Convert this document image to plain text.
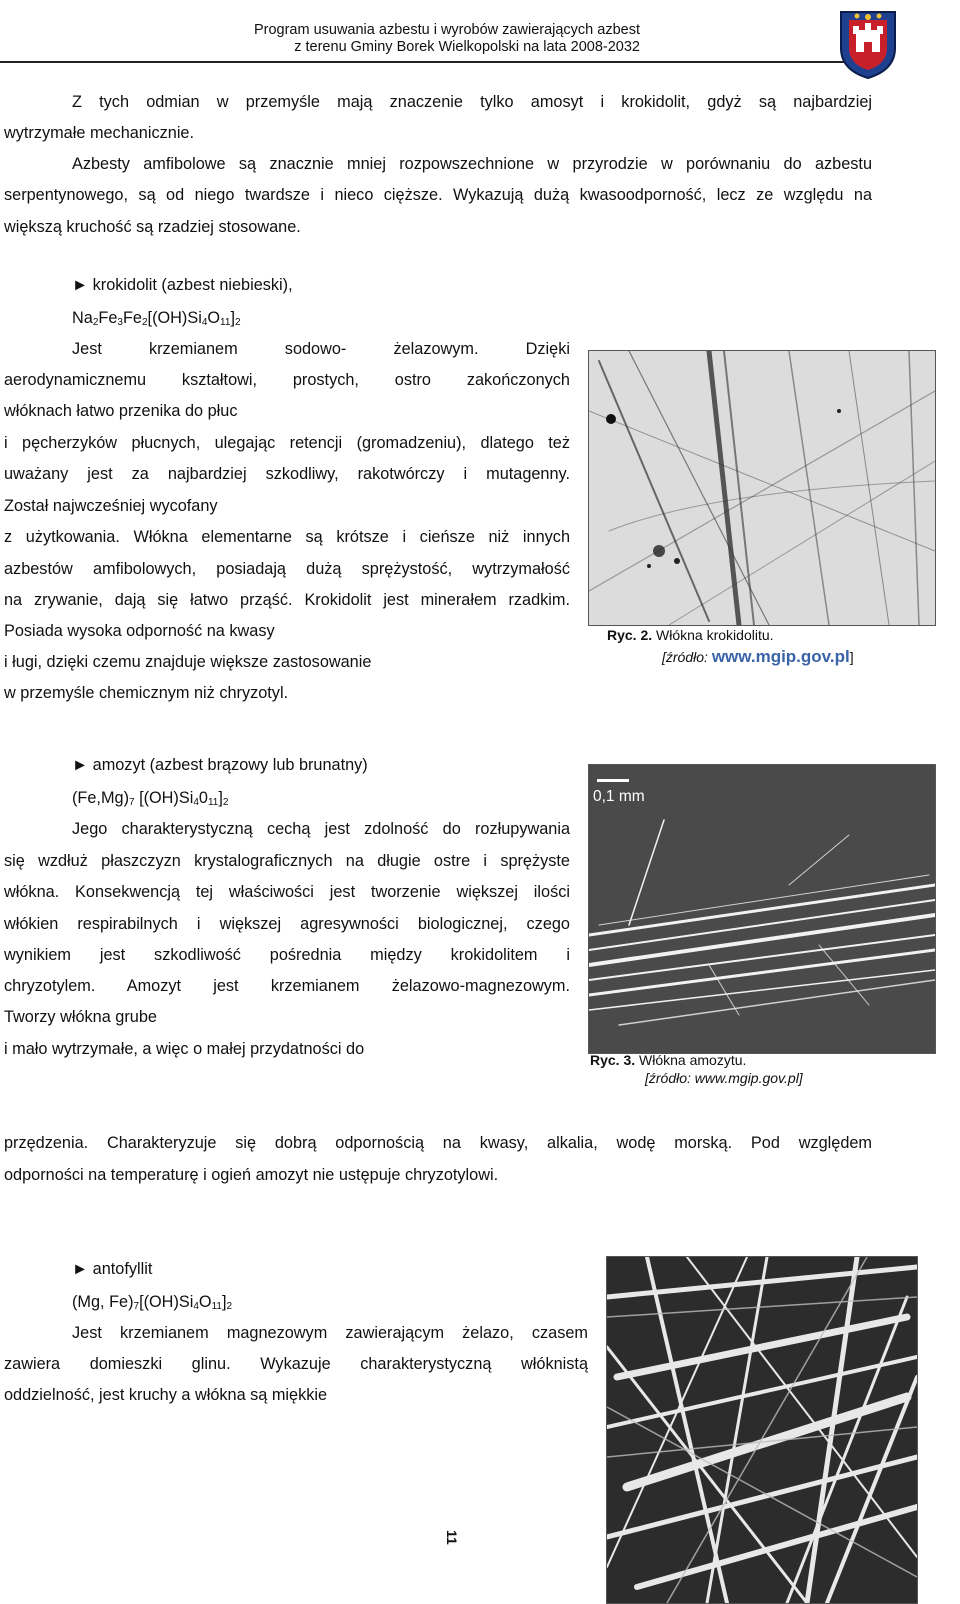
Program usuwania azbestu i wyrobów zawierających azbest
z terenu Gminy Borek Wielkopolski na lata 2008-2032
Z tych odmian w przemyśle mają znaczenie tylko amosyt i krokidolit, gdyż są najbardziej
wytrzymałe mechanicznie.
Azbesty amfibolowe są znacznie mniej rozpowszechnione w przyrodzie w porównaniu do azbestu
serpentynowego, są od niego twardsze i nieco cięższe. Wykazują dużą kwasoodporność, lecz ze względu na
większą kruchość są rzadziej stosowane.
► krokidolit (azbest niebieski),
$Na_2Fe_3Fe_2[(OH)Si_4O_{11}]_2$
Jest krzemianem sodowo- żelazowym. Dzięki
aerodynamicznemu kształtowi, prostych, ostro zakończonych
włóknach łatwo przenika do płuc
i pęcherzyków płucnych, ulegając retencji (gromadzeniu), dlatego też
uważany jest za najbardziej szkodliwy, rakotwórczy i mutagenny.
Został najwcześniej wycofany
z użytkowania. Włókna elementarne są krótsze i cieńsze niż innych
azbestów amfibolowych, posiadają dużą sprężystość, wytrzymałość
na zrywanie, dają się łatwo prząść. Krokidolit jest minerałem rzadkim.
Posiada wysoka odporność na kwasy
i ługi, dzięki czemu znajduje większe zastosowanie
w przemyśle chemicznym niż chryzotyl.
Ryc. 2. Włókna krokidolitu.
[źródło: www.mgip.gov.pl]
► amozyt (azbest brązowy lub brunatny)
$(Fe,Mg)_7$ $[(OH)Si_40_{11}]_2$
Jego charakterystyczną cechą jest zdolność do rozłupywania
się wzdłuż płaszczyzn krystalograficznych na długie ostre i sprężyste
włókna. Konsekwencją tej właściwości jest tworzenie większej ilości
włókien respirabilnych i większej agresywności biologicznej, czego
wynikiem jest szkodliwość pośrednia między krokidolitem i
chryzotylem. Amozyt jest krzemianem żelazowo-magnezowym.
Tworzy włókna grube
i mało wytrzymałe, a więc o małej przydatności do
0,1 mm
Ryc. 3. Włókna amozytu.
[źródło: www.mgip.gov.pl]
przędzenia. Charakteryzuje się dobrą odpornością na kwasy, alkalia, wodę morską. Pod względem
odporności na temperaturę i ogień amozyt nie ustępuje chryzotylowi.
► antofyllit
(Mg, $Fe)_7[(OH)Si_4O_{11}]_2$
Jest krzemianem magnezowym zawierającym żelazo, czasem
zawiera domieszki glinu. Wykazuje charakterystyczną włóknistą
oddzielność, jest kruchy a włókna są miękkie
11
